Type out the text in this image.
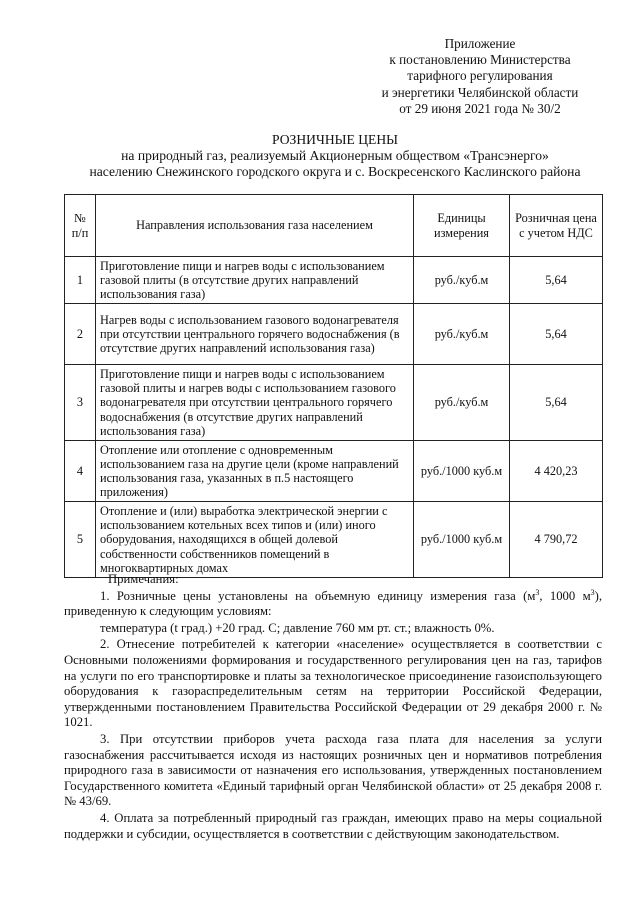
Приложение
к постановлению Министерства
тарифного регулирования
и энергетики Челябинской области
от 29 июня 2021 года № 30/2
РОЗНИЧНЫЕ ЦЕНЫ
на природный газ, реализуемый Акционерным обществом «Трансэнерго»
населению Снежинского городского округа и с. Воскресенского Каслинского района
№ п/п	Направления использования газа населением	Единицы измерения	Розничная цена с учетом НДС
1	Приготовление пищи и нагрев воды с использованием газовой плиты (в отсутствие других направлений использования газа)	руб./куб.м	5,64
2	Нагрев воды с использованием газового водонагревателя при отсутствии центрального горячего водоснабжения (в отсутствие других направлений использования газа)	руб./куб.м	5,64
3	Приготовление пищи и нагрев воды с использованием газовой плиты и нагрев воды с использованием газового водонагревателя при отсутствии центрального горячего водоснабжения (в отсутствие других направлений использования газа)	руб./куб.м	5,64
4	Отопление или отопление с одновременным использованием газа на другие цели (кроме направлений использования газа, указанных в п.5 настоящего приложения)	руб./1000 куб.м	4 420,23
5	Отопление и (или) выработка электрической энергии с использованием котельных всех типов и (или) иного оборудования, находящихся в общей долевой собственности собственников помещений в многоквартирных домах	руб./1000 куб.м	4 790,72

Примечания:

1. Розничные цены установлены на объемную единицу измерения газа ($м^3$, 1000 $м^3$), приведенную к следующим условиям:

температура (t град.) +20 град. С; давление 760 мм рт. ст.; влажность 0%.

2. Отнесение потребителей к категории «население» осуществляется в соответствии с Основными положениями формирования и государственного регулирования цен на газ, тарифов на услуги по его транспортировке и платы за технологическое присоединение газоиспользующего оборудования к газораспределительным сетям на территории Российской Федерации, утвержденными постановлением Правительства Российской Федерации от 29 декабря 2000 г. № 1021.

3. При отсутствии приборов учета расхода газа плата для населения за услуги газоснабжения рассчитывается исходя из настоящих розничных цен и нормативов потребления природного газа в зависимости от назначения его использования, утвержденных постановлением Государственного комитета «Единый тарифный орган Челябинской области» от 25 декабря 2008 г. № 43/69.

4. Оплата за потребленный природный газ граждан, имеющих право на меры социальной поддержки и субсидии, осуществляется в соответствии с действующим законодательством.
